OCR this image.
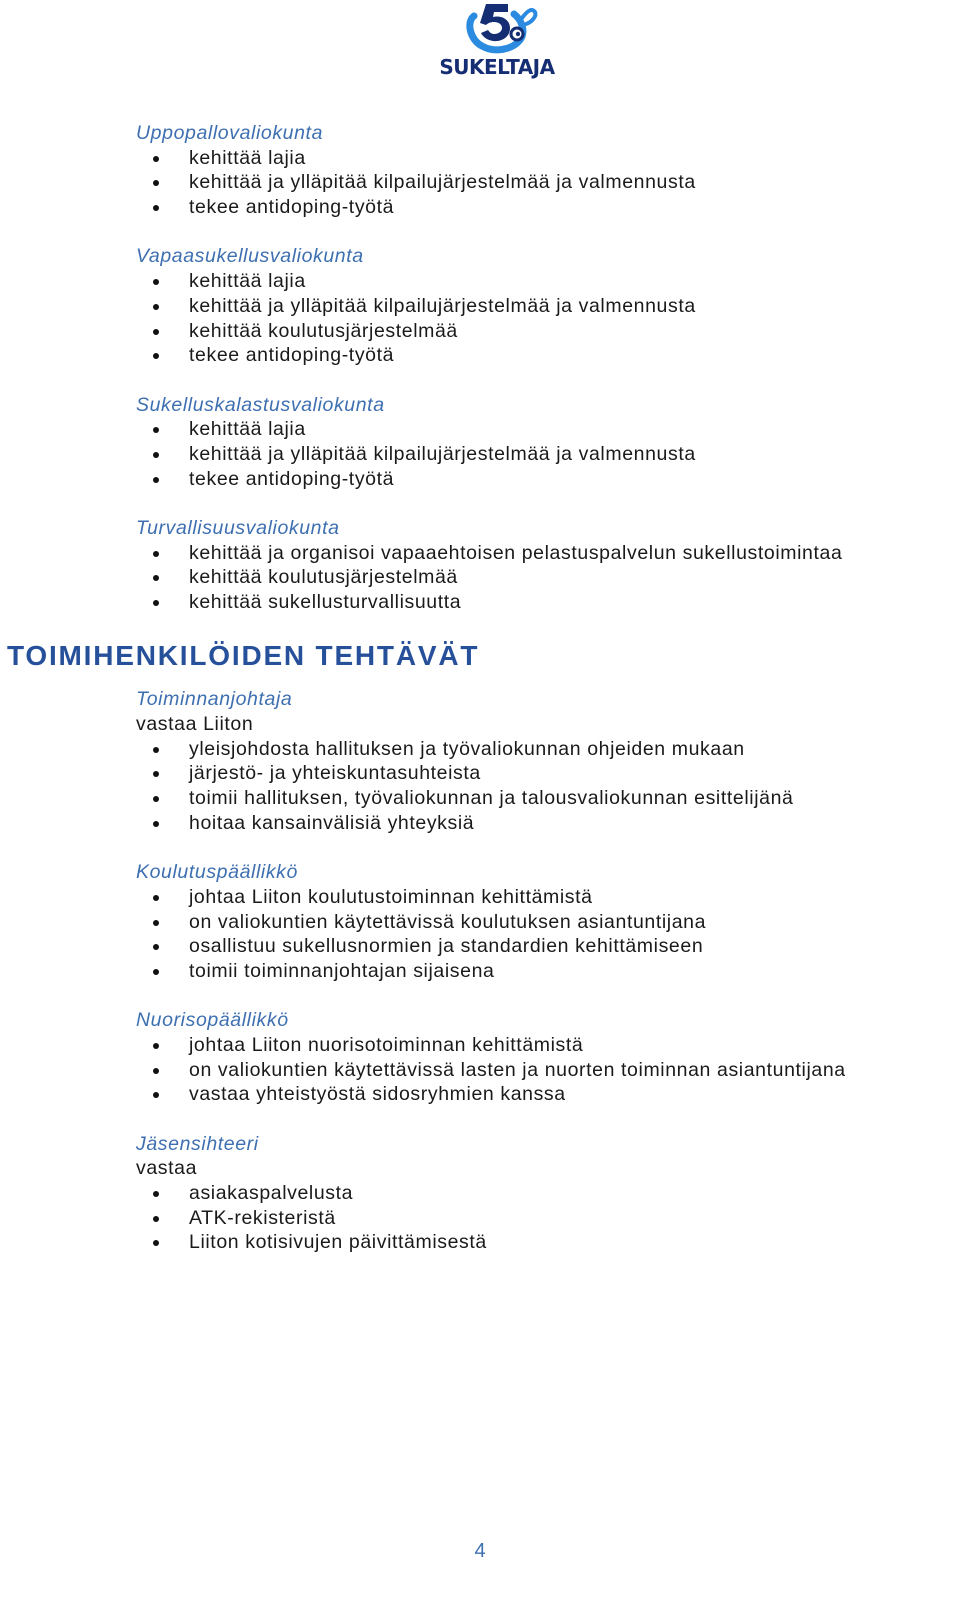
SUKELTAJA
Uppopallovaliokunta
kehittää lajia
kehittää ja ylläpitää kilpailujärjestelmää ja valmennusta
tekee antidoping-työtä
Vapaasukellusvaliokunta
kehittää lajia
kehittää ja ylläpitää kilpailujärjestelmää ja valmennusta
kehittää koulutusjärjestelmää
tekee antidoping-työtä
Sukelluskalastusvaliokunta
kehittää lajia
kehittää ja ylläpitää kilpailujärjestelmää ja valmennusta
tekee antidoping-työtä
Turvallisuusvaliokunta
kehittää ja organisoi vapaaehtoisen pelastuspalvelun sukellustoimintaa
kehittää koulutusjärjestelmää
kehittää sukellusturvallisuutta
TOIMIHENKILÖIDEN TEHTÄVÄT
Toiminnanjohtaja
vastaa Liiton
yleisjohdosta hallituksen ja työvaliokunnan ohjeiden mukaan
järjestö- ja yhteiskuntasuhteista
toimii hallituksen, työvaliokunnan ja talousvaliokunnan esittelijänä
hoitaa kansainvälisiä yhteyksiä
Koulutuspäällikkö
johtaa Liiton koulutustoiminnan kehittämistä
on valiokuntien käytettävissä koulutuksen asiantuntijana
osallistuu sukellusnormien ja standardien kehittämiseen
toimii toiminnanjohtajan sijaisena
Nuorisopäällikkö
johtaa Liiton nuorisotoiminnan kehittämistä
on valiokuntien käytettävissä lasten ja nuorten toiminnan asiantuntijana
vastaa yhteistyöstä sidosryhmien kanssa
Jäsensihteeri
vastaa
asiakaspalvelusta
ATK-rekisteristä
Liiton kotisivujen päivittämisestä
4
